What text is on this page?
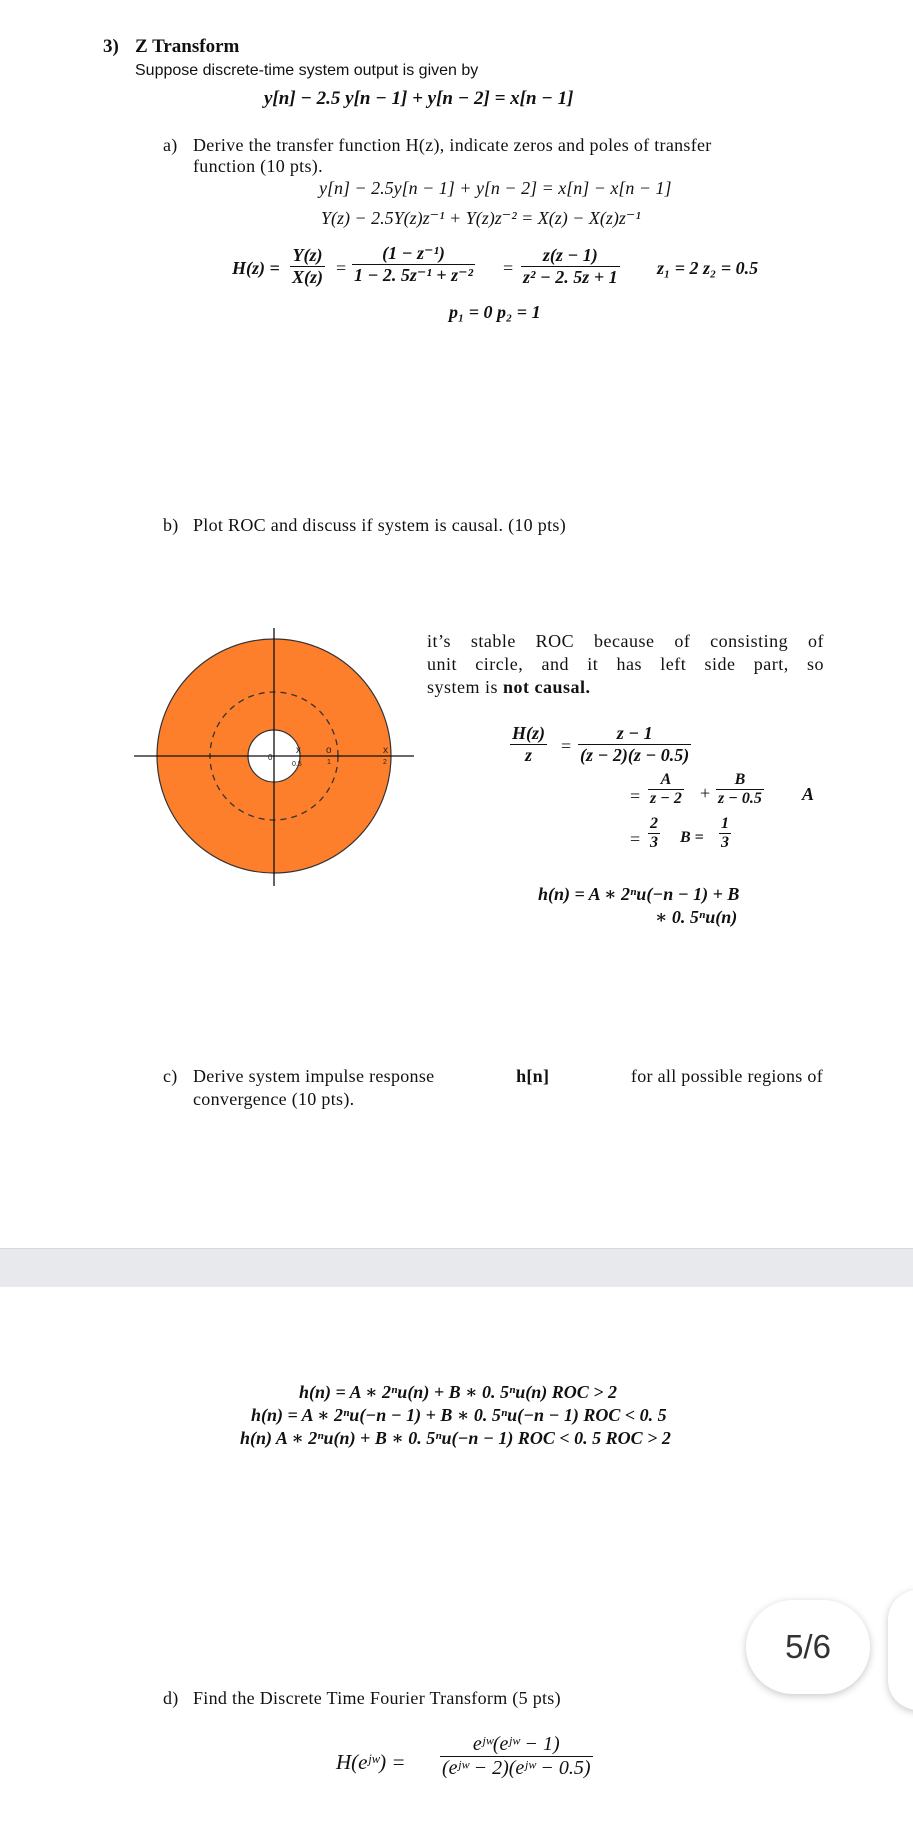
3) Z Transform
Suppose discrete-time system output is given by
y[n] − 2.5 y[n − 1] + y[n − 2] = x[n − 1]
a) Derive the transfer function H(z), indicate zeros and poles of transfer
function (10 pts).
y[n] − 2.5y[n − 1] + y[n − 2] = x[n] − x[n − 1]
Y(z) − 2.5Y(z)z⁻¹ + Y(z)z⁻² = X(z) − X(z)z⁻¹
$H(z) = \frac{Y(z)}{X(z)} = \frac{\text{(1 − z⁻¹)}}{\text{1 − 2. 5z⁻¹ + z⁻²}} = \frac{z(z - 1)}{\text{z² − 2. 5z + 1}} z_1 = 2$ z₂ = 0.5
p₁ = 0 p₂ = 1
b) Plot ROC and discuss if system is causal. (10 pts)
0
x
0.5
o
1
x
2
it’s stable ROC because of consisting of
unit circle, and it has left side part, so
system is not causal.
$\frac{H(z)}{z} = \frac{z - 1}{(z - 2)(z - 0.5)}$
= $\frac{A}{z - 2} + \frac{B}{z - 0.5}$ A
= $\frac{2}{3}$ $B = \frac{1}{3}$
h(n) = A ∗ 2ⁿu(−n − 1) + B
∗ 0. 5ⁿu(n)
c) Derive system impulse response	h[n]	for all possible regions of
convergence (10 pts).
h(n) = A ∗ 2ⁿu(n) + B ∗ 0. 5ⁿu(n) ROC > 2
h(n) = A ∗ 2ⁿu(−n − 1) + B ∗ 0. 5ⁿu(−n − 1) ROC < 0. 5
h(n) A ∗ 2ⁿu(n) + B ∗ 0. 5ⁿu(−n − 1) ROC < 0. 5 ROC > 2
d) Find the Discrete Time Fourier Transform (5 pts)
H(eʲʷ) =
eʲʷ(eʲʷ − 1)
(eʲʷ − 2)(eʲʷ − 0.5)
5/6
